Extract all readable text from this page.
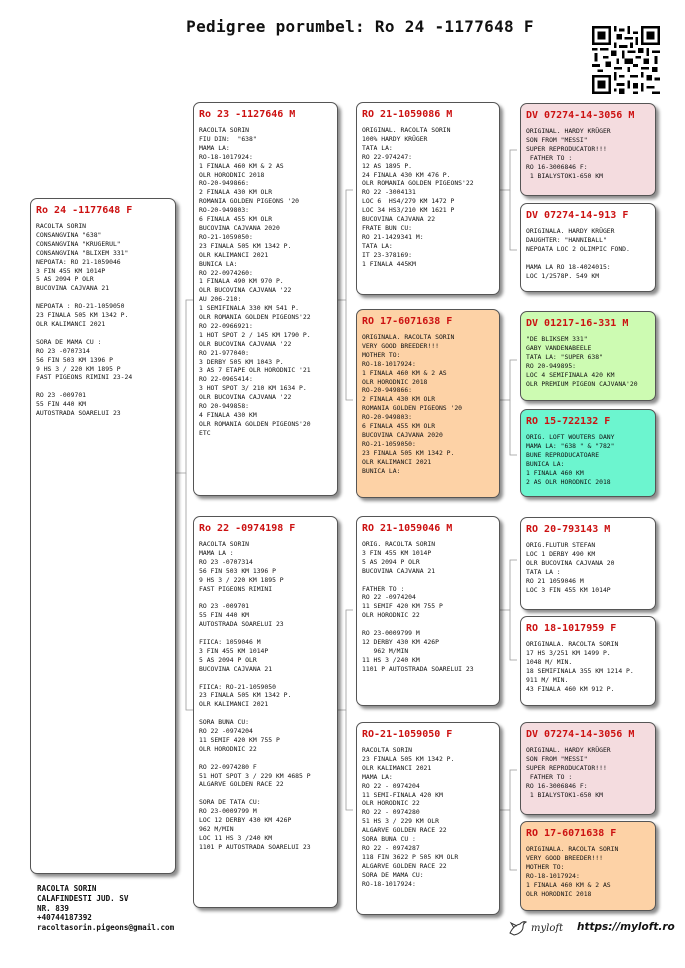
Pedigree porumbel: Ro 24 -1177648 F
Ro 24 -1177648 F
RACOLTA SORIN
CONSANGVINA "638"
CONSANGVINA "KRUGERUL"
CONSANGVINA "BLIXEM 331"
NEPOATA: RO 21-1059046
3 FIN 455 KM 1014P
5 AS 2094 P OLR
BUCOVINA CAJVANA 21

NEPOATA : RO-21-1059050
23 FINALA 505 KM 1342 P.
OLR KALIMANCI 2021

SORA DE MAMA CU :
RO 23 -0707314
56 FIN 503 KM 1396 P
9 HS 3 / 220 KM 1895 P
FAST PIGEONS RIMINI 23-24

RO 23 -009701
55 FIN 440 KM
AUTOSTRADA SOARELUI 23
Ro 23 -1127646 M
RACOLTA SORIN
FIU DIN:  "638"
MAMA LA:
RO-18-1017924:
1 FINALA 460 KM & 2 AS
OLR HORODNIC 2018
RO-20-949866:
2 FINALA 430 KM OLR
ROMANIA GOLDEN PIGEONS '20
RO-20-949803:
6 FINALA 455 KM OLR
BUCOVINA CAJVANA 2020
RO-21-1059050:
23 FINALA 505 KM 1342 P.
OLR KALIMANCI 2021
BUNICA LA:
RO 22-0974260:
1 FINALA 490 KM 970 P.
OLR BUCOVINA CAJVANA '22
AU 206-210:
1 SEMIFINALA 330 KM 541 P.
OLR ROMANIA GOLDEN PIGEONS'22
RO 22-0966921:
1 HOT SPOT 2 / 145 KM 1790 P.
OLR BUCOVINA CAJVANA '22
RO 21-977040:
3 DERBY 505 KM 1043 P.
3 AS 7 ETAPE OLR HORODNIC '21
RO 22-0965414:
3 HOT SPOT 3/ 210 KM 1634 P.
OLR BUCOVINA CAJVANA '22
RO 20-949858:
4 FINALA 430 KM
OLR ROMANIA GOLDEN PIGEONS'20
ETC
Ro 22 -0974198 F
RACOLTA SORIN
MAMA LA :
RO 23 -0707314
56 FIN 503 KM 1396 P
9 HS 3 / 220 KM 1895 P
FAST PIGEONS RIMINI

RO 23 -009701
55 FIN 440 KM
AUTOSTRADA SOARELUI 23

FIICA: 1059046 M
3 FIN 455 KM 1014P
5 AS 2094 P OLR
BUCOVINA CAJVANA 21

FIICA: RO-21-1059050
23 FINALA 505 KM 1342 P.
OLR KALIMANCI 2021

SORA BUNA CU:
RO 22 -0974204
11 SEMIF 420 KM 755 P
OLR HORODNIC 22

RO 22-0974280 F
51 HOT SPOT 3 / 229 KM 4685 P
ALGARVE GOLDEN RACE 22

SORA DE TATA CU:
RO 23-0009799 M
LOC 12 DERBY 430 KM 426P
962 M/MIN
LOC 11 HS 3 /240 KM
1101 P AUTOSTRADA SOARELUI 23
RO 21-1059086 M
ORIGINAL. RACOLTA SORIN
100% HARDY KRÜGER
TATA LA:
RO 22-974247:
12 AS 1895 P.
24 FINALA 430 KM 476 P.
OLR ROMANIA GOLDEN PIGEONS'22
RO 22 -3004131
LOC 6  HS4/279 KM 1472 P
LOC 34 HS3/210 KM 1621 P
BUCOVINA CAJVANA 22
FRATE BUN CU:
RO 21-1429341 M:
TATA LA:
IT 23-378169:
1 FINALA 445KM
RO 17-6071638 F
ORIGINALA. RACOLTA SORIN
VERY GOOD BREEDER!!!
MOTHER TO:
RO-18-1017924:
1 FINALA 460 KM & 2 AS
OLR HORODNIC 2018
RO-20-949866:
2 FINALA 430 KM OLR
ROMANIA GOLDEN PIGEONS '20
RO-20-949803:
6 FINALA 455 KM OLR
BUCOVINA CAJVANA 2020
RO-21-1059050:
23 FINALA 505 KM 1342 P.
OLR KALIMANCI 2021
BUNICA LA:
RO 21-1059046 M
ORIG. RACOLTA SORIN
3 FIN 455 KM 1014P
5 AS 2094 P OLR
BUCOVINA CAJVANA 21

FATHER TO :
RO 22 -0974204
11 SEMIF 420 KM 755 P
OLR HORODNIC 22

RO 23-0009799 M
12 DERBY 430 KM 426P
962 M/MIN
11 HS 3 /240 KM
1101 P AUTOSTRADA SOARELUI 23
RO-21-1059050 F
RACOLTA SORIN
23 FINALA 505 KM 1342 P.
OLR KALIMANCI 2021
MAMA LA:
RO 22 - 0974204
11 SEMI-FINALA 420 KM
OLR HORODNIC 22
RO 22 - 0974280
51 HS 3 / 229 KM OLR
ALGARVE GOLDEN RACE 22
SORA BUNA CU :
RO 22 - 0974287
118 FIN 3622 P 505 KM OLR
ALGARVE GOLDEN RACE 22
SORA DE MAMA CU:
RO-18-1017924:
DV 07274-14-3056 M
ORIGINAL. HARDY KRÜGER
SON FROM "MESSI"
SUPER REPRODUCATOR!!!
FATHER TO :
RO 16-3006846 F:
1 BIALYSTOK1-650 KM
DV 07274-14-913 F
ORIGINALA. HARDY KRÜGER
DAUGHTER: "HANNIBALL"
NEPOATA LOC 2 OLIMPIC FOND.

MAMA LA RO 18-4024015:
LOC 1/2578P. 549 KM
DV 01217-16-331 M
"DE BLIKSEM 331"
GABY VANDENABEELE
TATA LA: "SUPER 638"
RO 20-949895:
LOC 4 SEMIFINALA 420 KM
OLR PREMIUM PIGEON CAJVANA'20
RO 15-722132 F
ORIG. LOFT WOUTERS DANY
MAMA LA: "638 " & "782"
BUNE REPRODUCATOARE
BUNICA LA:
1 FINALA 460 KM
2 AS OLR HORODNIC 2018
RO 20-793143 M
ORIG.FLUTUR STEFAN
LOC 1 DERBY 490 KM
OLR BUCOVINA CAJVANA 20
TATA LA :
RO 21 1059046 M
LOC 3 FIN 455 KM 1014P
RO 18-1017959 F
ORIGINALA. RACOLTA SORIN
17 HS 3/251 KM 1499 P.
1048 M/ MIN.
18 SEMIFINALA 355 KM 1214 P.
911 M/ MIN.
43 FINALA 460 KM 912 P.
DV 07274-14-3056 M
ORIGINAL. HARDY KRÜGER
SON FROM "MESSI"
SUPER REPRODUCATOR!!!
FATHER TO :
RO 16-3006846 F:
1 BIALYSTOK1-650 KM
RO 17-6071638 F
ORIGINALA. RACOLTA SORIN
VERY GOOD BREEDER!!!
MOTHER TO:
RO-18-1017924:
1 FINALA 460 KM & 2 AS
OLR HORODNIC 2018
RACOLTA SORIN
CALAFINDESTI JUD. SV
NR. 839
+40744187392
racoltasorin.pigeons@gmail.com	myloft https://myloft.ro
